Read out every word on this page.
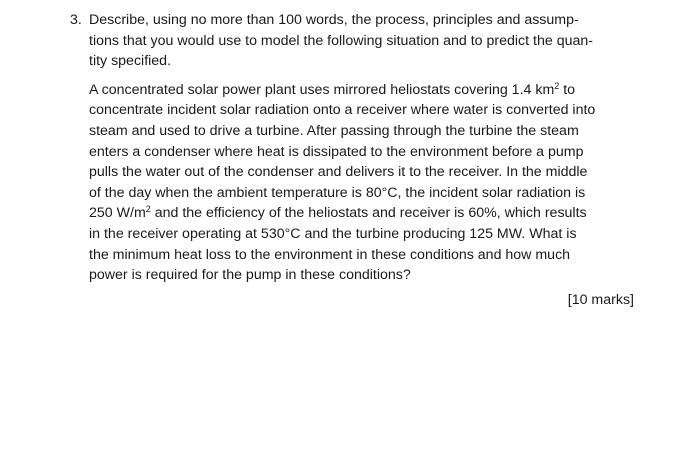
3. Describe, using no more than 100 words, the process, principles and assump-
tions that you would use to model the following situation and to predict the quan-
tity specified.
A concentrated solar power plant uses mirrored heliostats covering 1.4 $km^2$ to
concentrate incident solar radiation onto a receiver where water is converted into
steam and used to drive a turbine. After passing through the turbine the steam
enters a condenser where heat is dissipated to the environment before a pump
pulls the water out of the condenser and delivers it to the receiver. In the middle
of the day when the ambient temperature is 80°C, the incident solar radiation is
250 $W/m^2$ and the efficiency of the heliostats and receiver is 60%, which results
in the receiver operating at 530°C and the turbine producing 125 MW. What is
the minimum heat loss to the environment in these conditions and how much
power is required for the pump in these conditions?
[10 marks]
